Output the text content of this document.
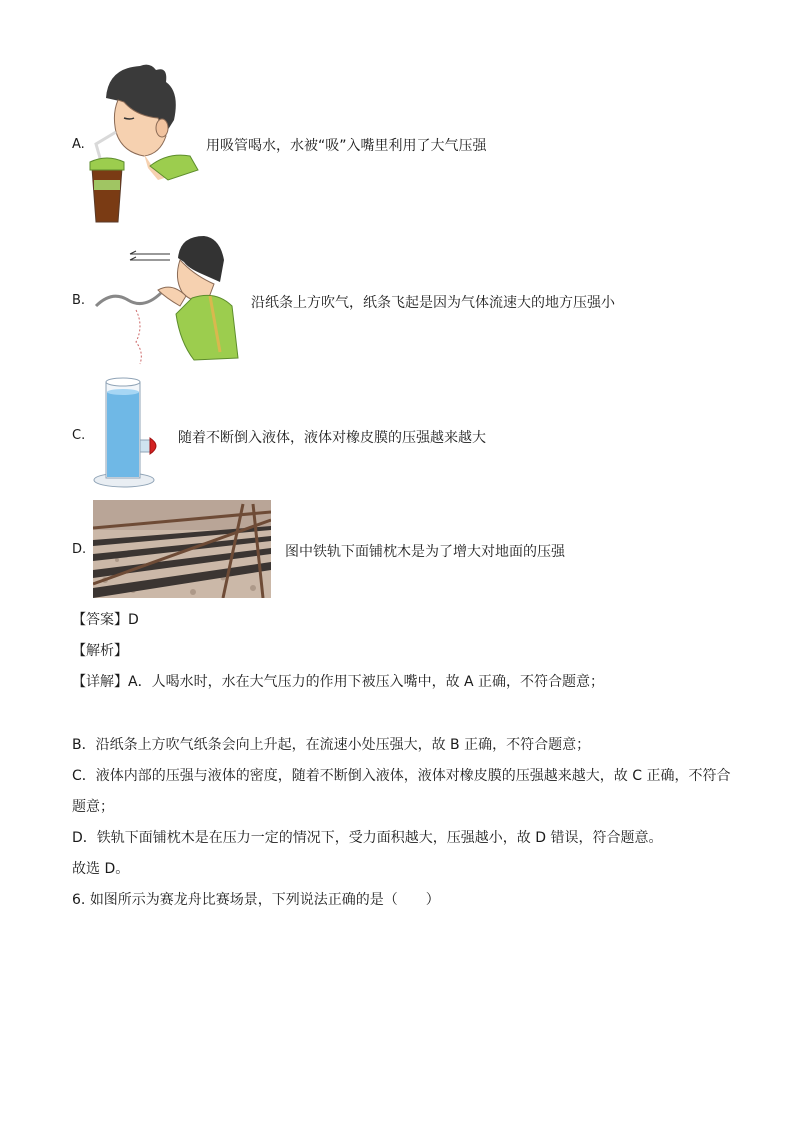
A.	用吸管喝水，水被“吸”入嘴里利用了大气压强
B.	沿纸条上方吹气，纸条飞起是因为气体流速大的地方压强小
C.	随着不断倒入液体，液体对橡皮膜的压强越来越大
D.	图中铁轨下面铺枕木是为了增大对地面的压强
【答案】D
【解析】
【详解】A．人喝水时，水在大气压力的作用下被压入嘴中，故 A 正确，不符合题意；
B．沿纸条上方吹气纸条会向上升起，在流速小处压强大，故 B 正确，不符合题意；
C．液体内部的压强与液体的密度，随着不断倒入液体，液体对橡皮膜的压强越来越大，故 C 正确，不符合
题意；
D．铁轨下面铺枕木是在压力一定的情况下，受力面积越大，压强越小，故 D 错误，符合题意。
故选 D。
6. 如图所示为赛龙舟比赛场景，下列说法正确的是（　　）
